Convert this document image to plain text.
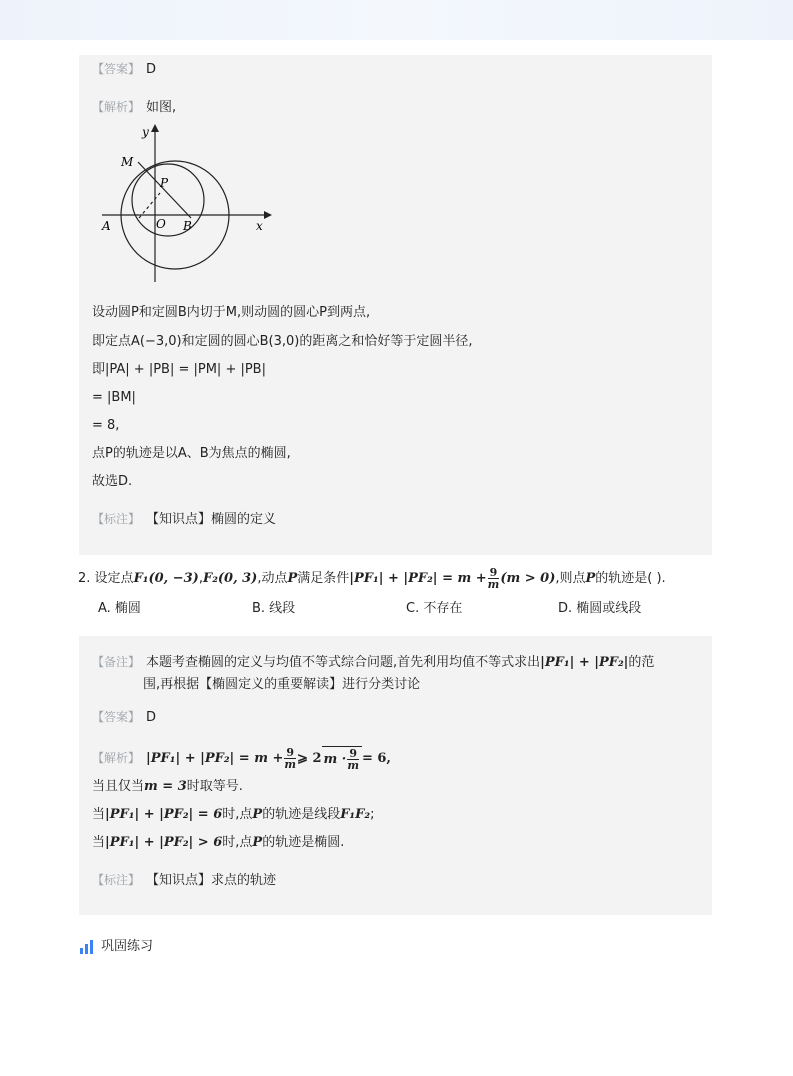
【答案】 D
【解析】 如图,
y
x
M
P
A	O B
设动圆P和定圆B内切于M,则动圆的圆心P到两点,
即定点A(−3,0)和定圆的圆心B(3,0)的距离之和恰好等于定圆半径,
即|PA| + |PB| = |PM| + |PB|
= |BM|
= 8,
点P的轨迹是以A、B为焦点的椭圆,
故选D.
【标注】 【知识点】椭圆的定义
2. 设定点F₁(0, −3),F₂(0, 3),动点P满足条件$|PF_1| + |PF_2| = m + \frac{9}{m} (m > 0)$,则点P的轨迹是( ).
A. 椭圆	B. 线段	C. 不存在	D. 椭圆或线段
【备注】 本题考查椭圆的定义与均值不等式综合问题,首先利用均值不等式求出|PF₁| + |PF₂|的范
围,再根据【椭圆定义的重要解读】进行分类讨论
【答案】 D
【解析】 $|PF_1| + |PF_2| = m + \frac{9}{m}$ ⩾ 2 $m \cdot \frac{9}{m} = 6$,
当且仅当m = 3时取等号.
当|PF₁| + |PF₂| = 6时,点P的轨迹是线段F₁F₂;
当|PF₁| + |PF₂| > 6时,点P的轨迹是椭圆.
【标注】 【知识点】求点的轨迹
巩固练习
